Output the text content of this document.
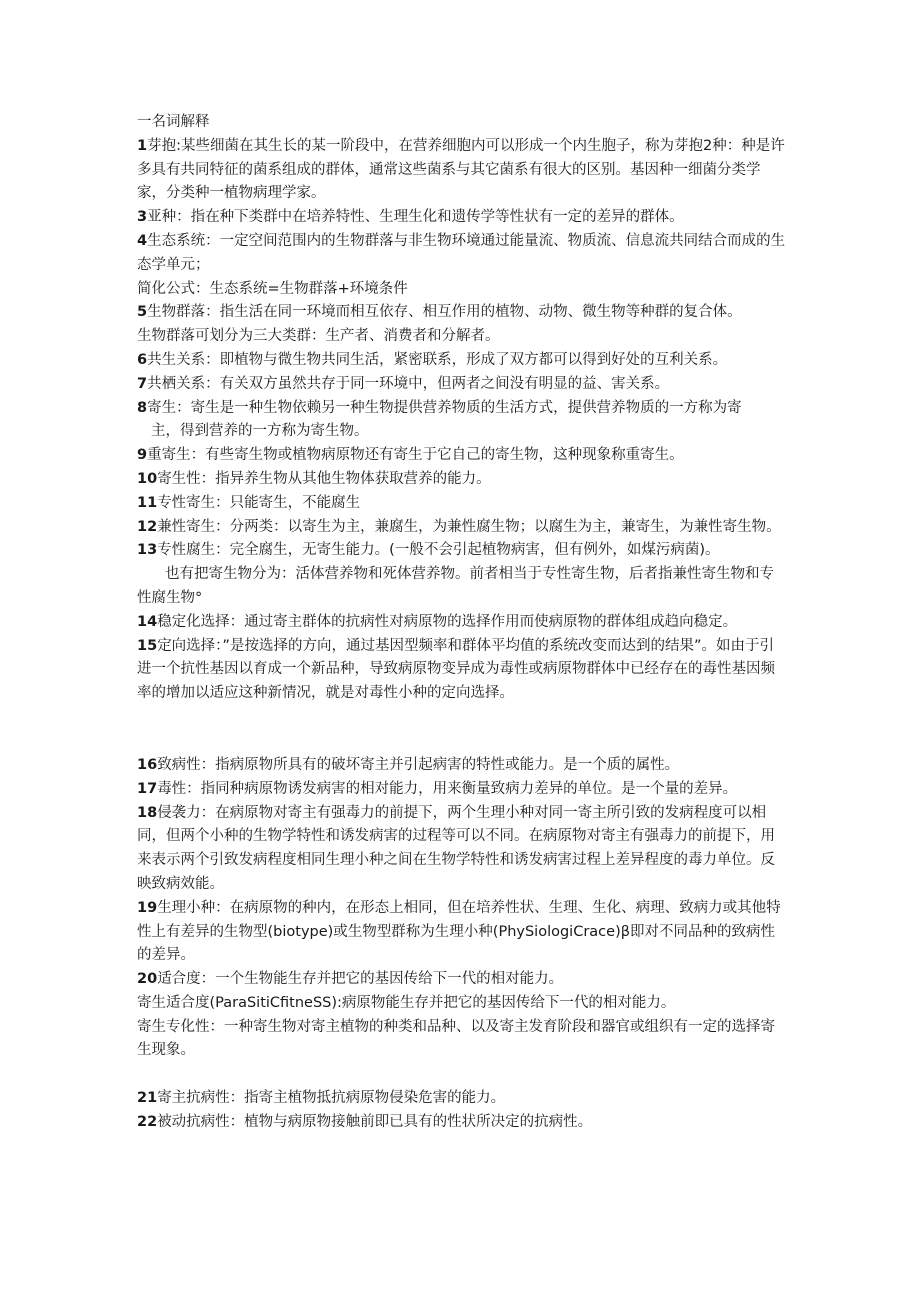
一名词解释

1芽抱:某些细菌在其生长的某一阶段中，在营养细胞内可以形成一个内生胞子，称为芽抱2种：种是许多具有共同特征的菌系组成的群体，通常这些菌系与其它菌系有很大的区别。基因种一细菌分类学家，分类种一植物病理学家。

3亚种：指在种下类群中在培养特性、生理生化和遗传学等性状有一定的差异的群体。

4生态系统：一定空间范围内的生物群落与非生物环境通过能量流、物质流、信息流共同结合而成的生态学单元；

简化公式：生态系统=生物群落+环境条件

5生物群落：指生活在同一环境而相互依存、相互作用的植物、动物、微生物等种群的复合体。

生物群落可划分为三大类群：生产者、消费者和分解者。

6共生关系：即植物与微生物共同生活，紧密联系，形成了双方都可以得到好处的互利关系。

7共栖关系：有关双方虽然共存于同一环境中，但两者之间没有明显的益、害关系。

8寄生：寄生是一种生物依赖另一种生物提供营养物质的生活方式，提供营养物质的一方称为寄

主，得到营养的一方称为寄生物。

9重寄生：有些寄生物或植物病原物还有寄生于它自己的寄生物，这种现象称重寄生。

10寄生性：指异养生物从其他生物体获取营养的能力。

11专性寄生：只能寄生，不能腐生

12兼性寄生：分两类：以寄生为主，兼腐生，为兼性腐生物；以腐生为主，兼寄生，为兼性寄生物。

13专性腐生：完全腐生，无寄生能力。(一般不会引起植物病害，但有例外，如煤污病菌)。

也有把寄生物分为：活体营养物和死体营养物。前者相当于专性寄生物，后者指兼性寄生物和专性腐生物°

14稳定化选择：通过寄主群体的抗病性对病原物的选择作用而使病原物的群体组成趋向稳定。

15定向选择：”是按选择的方向，通过基因型频率和群体平均值的系统改变而达到的结果”。如由于引进一个抗性基因以育成一个新品种，导致病原物变异成为毒性或病原物群体中已经存在的毒性基因频率的增加以适应这种新情况，就是对毒性小种的定向选择。

16致病性：指病原物所具有的破坏寄主并引起病害的特性或能力。是一个质的属性。

17毒性：指同种病原物诱发病害的相对能力，用来衡量致病力差异的单位。是一个量的差异。

18侵袭力：在病原物对寄主有强毒力的前提下，两个生理小种对同一寄主所引致的发病程度可以相同，但两个小种的生物学特性和诱发病害的过程等可以不同。在病原物对寄主有强毒力的前提下，用来表示两个引致发病程度相同生理小种之间在生物学特性和诱发病害过程上差异程度的毒力单位。反映致病效能。

19生理小种：在病原物的种内，在形态上相同，但在培养性状、生理、生化、病理、致病力或其他特性上有差异的生物型(biotype)或生物型群称为生理小种(PhySiologiCrace)β即对不同品种的致病性的差异。

20适合度：一个生物能生存并把它的基因传给下一代的相对能力。

寄生适合度(ParaSitiCfitneSS):病原物能生存并把它的基因传给下一代的相对能力。

寄生专化性：一种寄生物对寄主植物的种类和品种、以及寄主发育阶段和器官或组织有一定的选择寄生现象。

21寄主抗病性：指寄主植物抵抗病原物侵染危害的能力。

22被动抗病性：植物与病原物接触前即已具有的性状所决定的抗病性。
